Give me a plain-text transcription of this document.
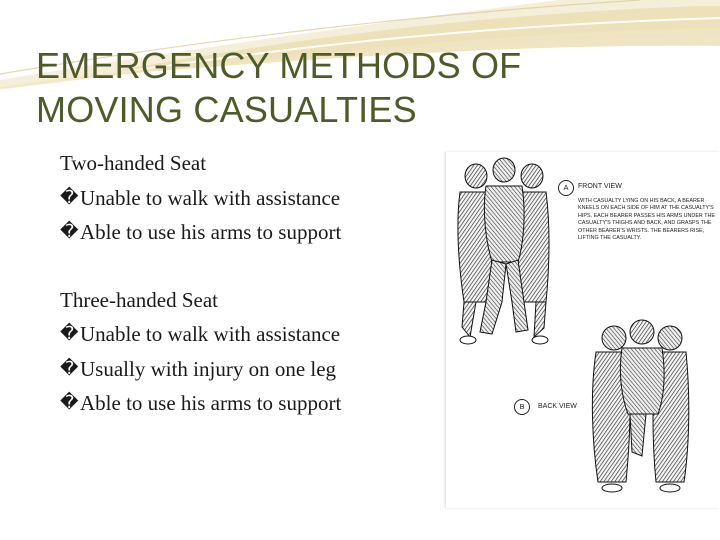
EMERGENCY METHODS OF
MOVING CASUALTIES
Two-handed Seat
�Unable to walk with assistance
�Able to use his arms to support
Three-handed Seat
�Unable to walk with assistance
�Usually with injury on one leg
�Able to use his arms to support
A	FRONT VIEW
WITH CASUALTY LYING ON HIS BACK, A BEARER KNEELS ON EACH SIDE OF HIM AT THE CASUALTY'S HIPS. EACH BEARER PASSES HIS ARMS UNDER THE CASUALTY'S THIGHS AND BACK, AND GRASPS THE OTHER BEARER'S WRISTS. THE BEARERS RISE, LIFTING THE CASUALTY.
B	BACK VIEW
